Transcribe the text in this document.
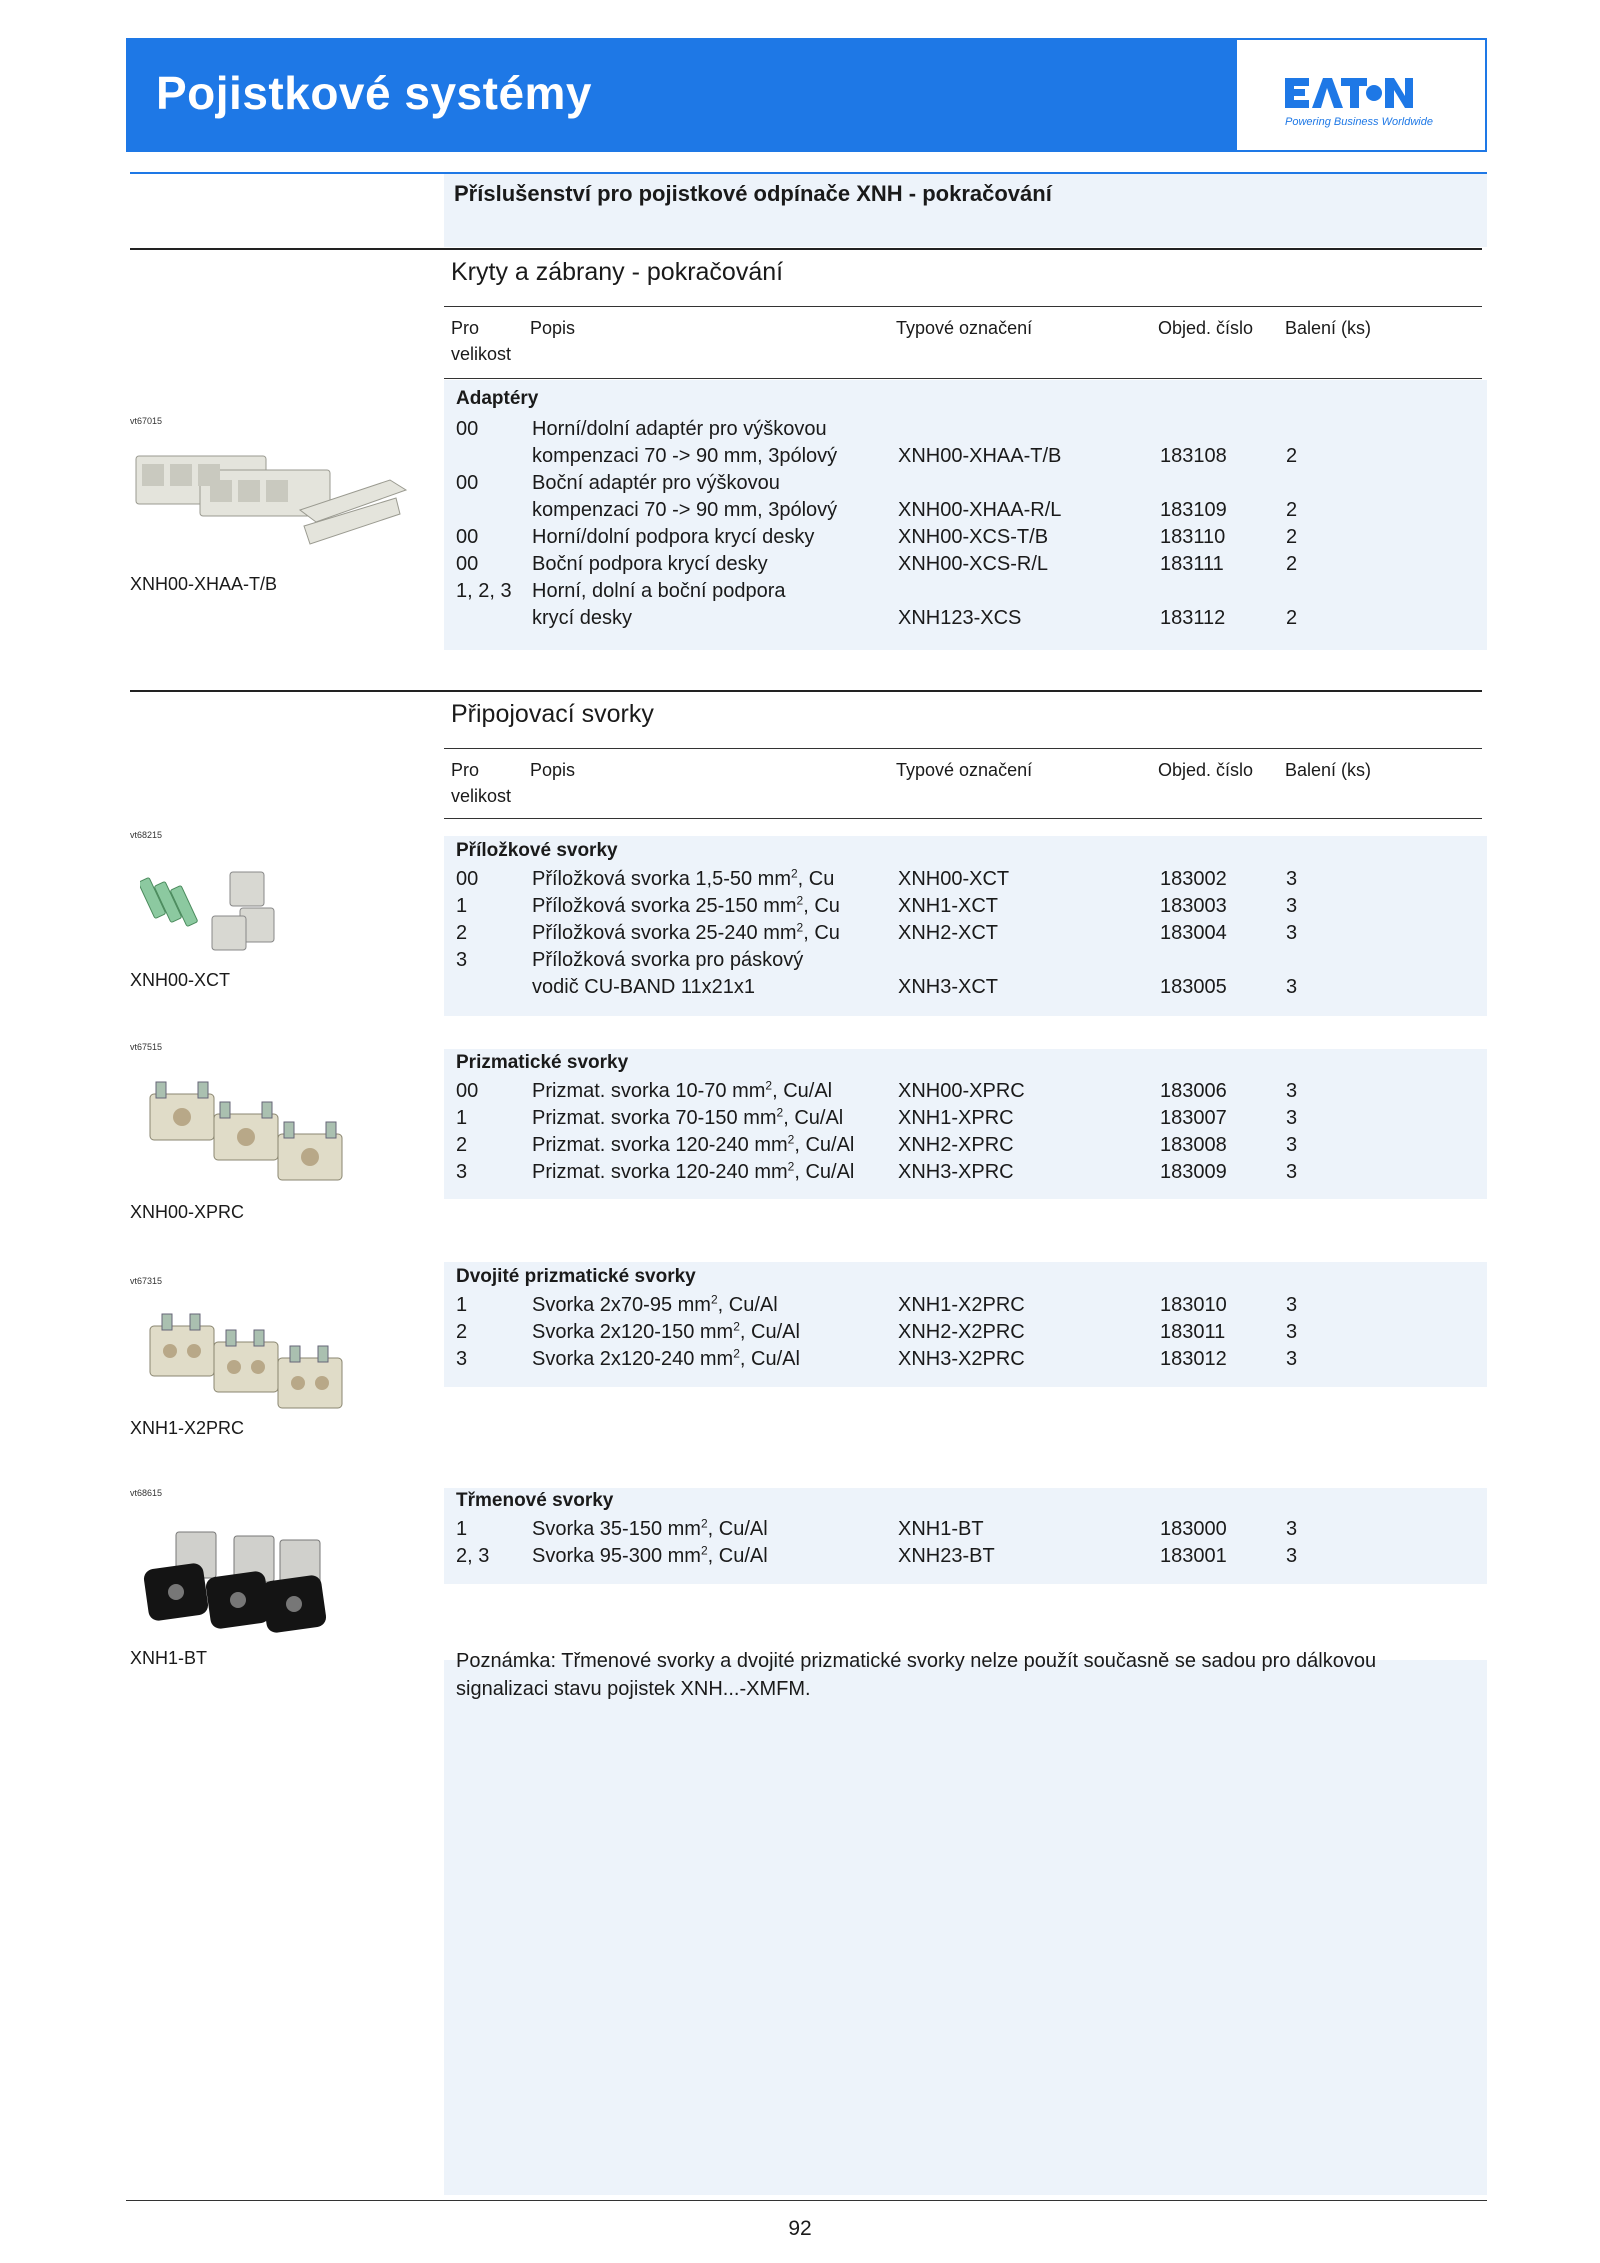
Pojistkové systémy
Powering Business Worldwide
Příslušenství pro pojistkové odpínače XNH - pokračování
Kryty a zábrany - pokračování
Pro
velikost
Popis	Typové označení	Objed. číslo Balení (ks)
vt67015
XNH00-XHAA-T/B
Adaptéry
00	Horní/dolní adaptér pro výškovou
kompenzaci 70 -> 90 mm, 3pólový	XNH00-XHAA-T/B	183108	2
00	Boční adaptér pro výškovou
kompenzaci 70 -> 90 mm, 3pólový	XNH00-XHAA-R/L	183109	2
00	Horní/dolní podpora krycí desky	XNH00-XCS-T/B	183110	2
00	Boční podpora krycí desky	XNH00-XCS-R/L	183111	2
1, 2, 3 Horní, dolní a boční podpora
krycí desky	XNH123-XCS	183112	2
Připojovací svorky
Pro
velikost
Popis	Typové označení	Objed. číslo Balení (ks)
vt68215
XNH00-XCT
Příložkové svorky
00	Příložková svorka 1,5-50 $mm^2$, Cu	XNH00-XCT	183002	3
1	Příložková svorka 25-150 $mm^2$, Cu	XNH1-XCT	183003	3
2	Příložková svorka 25-240 $mm^2$, Cu	XNH2-XCT	183004	3
3	Příložková svorka pro páskový
vodič CU-BAND 11x21x1	XNH3-XCT	183005	3
vt67515
XNH00-XPRC
Prizmatické svorky
00	Prizmat. svorka 10-70 $mm^2$, Cu/Al	XNH00-XPRC	183006	3
1	Prizmat. svorka 70-150 $mm^2$, Cu/Al	XNH1-XPRC	183007	3
2	Prizmat. svorka 120-240 $mm^2$, Cu/Al XNH2-XPRC	183008	3
3	Prizmat. svorka 120-240 $mm^2$, Cu/Al XNH3-XPRC	183009	3
vt67315
XNH1-X2PRC
Dvojité prizmatické svorky
1	Svorka 2x70-95 $mm^2$, Cu/Al	XNH1-X2PRC	183010	3
2	Svorka 2x120-150 $mm^2$, Cu/Al	XNH2-X2PRC	183011	3
3	Svorka 2x120-240 $mm^2$, Cu/Al	XNH3-X2PRC	183012	3
vt68615
XNH1-BT
Třmenové svorky
1	Svorka 35-150 $mm^2$, Cu/Al	XNH1-BT	183000	3
2, 3 Svorka 95-300 $mm^2$, Cu/Al	XNH23-BT	183001	3
Poznámka: Třmenové svorky a dvojité prizmatické svorky nelze použít současně se sadou pro dálkovou signalizaci stavu pojistek XNH...-XMFM.
92
